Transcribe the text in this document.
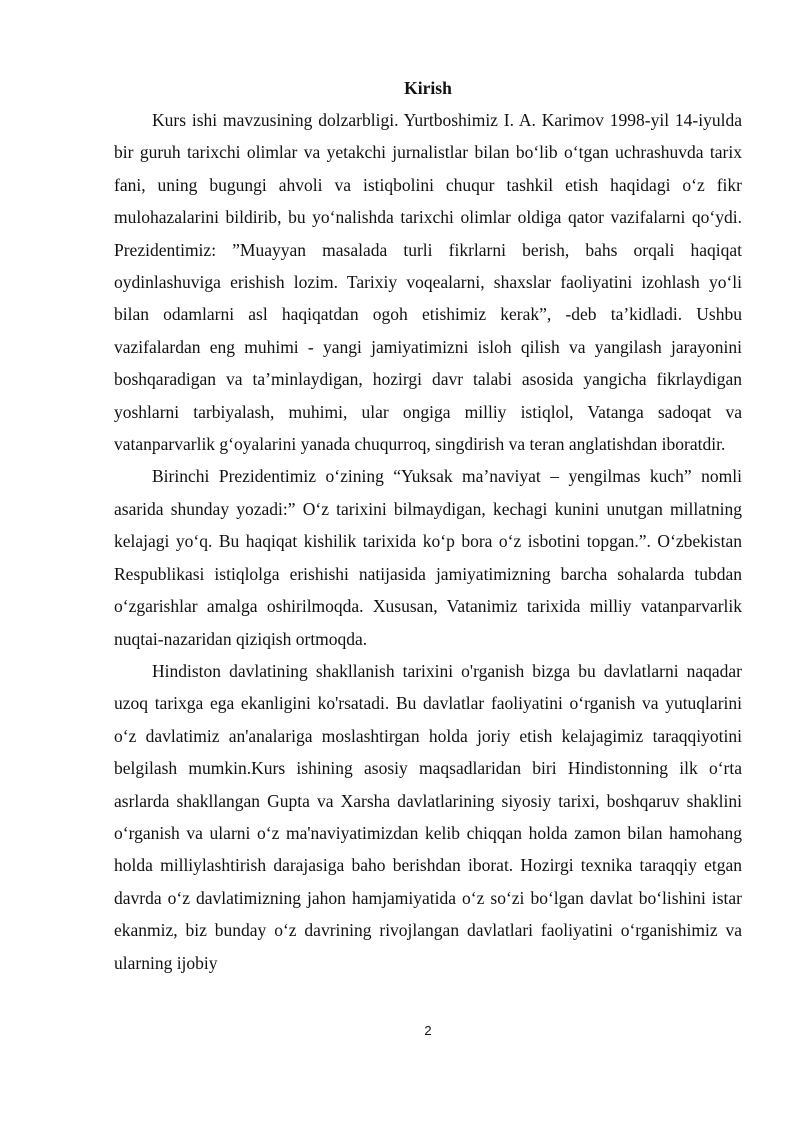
Kirish

Kurs ishi mavzusining dolzarbligi. Yurtboshimiz I. A. Karimov 1998-yil 14-iyulda bir guruh tarixchi olimlar va yetakchi jurnalistlar bilan bo‘lib o‘tgan uchrashuvda tarix fani, uning bugungi ahvoli va istiqbolini chuqur tashkil etish haqidagi o‘z fikr mulohazalarini bildirib, bu yo‘nalishda tarixchi olimlar oldiga qator vazifalarni qo‘ydi. Prezidentimiz: ”Muayyan masalada turli fikrlarni berish, bahs orqali haqiqat oydinlashuviga erishish lozim. Tarixiy voqealarni, shaxslar faoliyatini izohlash yo‘li bilan odamlarni asl haqiqatdan ogoh etishimiz kerak”, -deb ta’kidladi. Ushbu vazifalardan eng muhimi - yangi jamiyatimizni isloh qilish va yangilash jarayonini boshqaradigan va ta’minlaydigan, hozirgi davr talabi asosida yangicha fikrlaydigan yoshlarni tarbiyalash, muhimi, ular ongiga milliy istiqlol, Vatanga sadoqat va vatanparvarlik g‘oyalarini yanada chuqurroq, singdirish va teran anglatishdan iboratdir.

Birinchi Prezidentimiz o‘zining “Yuksak ma’naviyat – yengilmas kuch” nomli asarida shunday yozadi:” O‘z tarixini bilmaydigan, kechagi kunini unutgan millatning kelajagi yo‘q. Bu haqiqat kishilik tarixida ko‘p bora o‘z isbotini topgan.”. O‘zbekistan Respublikasi istiqlolga erishishi natijasida jamiyatimizning barcha sohalarda tubdan o‘zgarishlar amalga oshirilmoqda. Xususan, Vatanimiz tarixida milliy vatanparvarlik nuqtai-nazaridan qiziqish ortmoqda.

Hindiston davlatining shakllanish tarixini o'rganish bizga bu davlatlarni naqadar uzoq tarixga ega ekanligini ko'rsatadi. Bu davlatlar faoliyatini o‘rganish va yutuqlarini o‘z davlatimiz an'analariga moslashtirgan holda joriy etish kelajagimiz taraqqiyotini belgilash mumkin.Kurs ishining asosiy maqsadlaridan biri Hindistonning ilk o‘rta asrlarda shakllangan Gupta va Xarsha davlatlarining siyosiy tarixi, boshqaruv shaklini o‘rganish va ularni o‘z ma'naviyatimizdan kelib chiqqan holda zamon bilan hamohang holda milliylashtirish darajasiga baho berishdan iborat. Hozirgi texnika taraqqiy etgan davrda o‘z davlatimizning jahon hamjamiyatida o‘z so‘zi bo‘lgan davlat bo‘lishini istar ekanmiz, biz bunday o‘z davrining rivojlangan davlatlari faoliyatini o‘rganishimiz va ularning ijobiy

2
